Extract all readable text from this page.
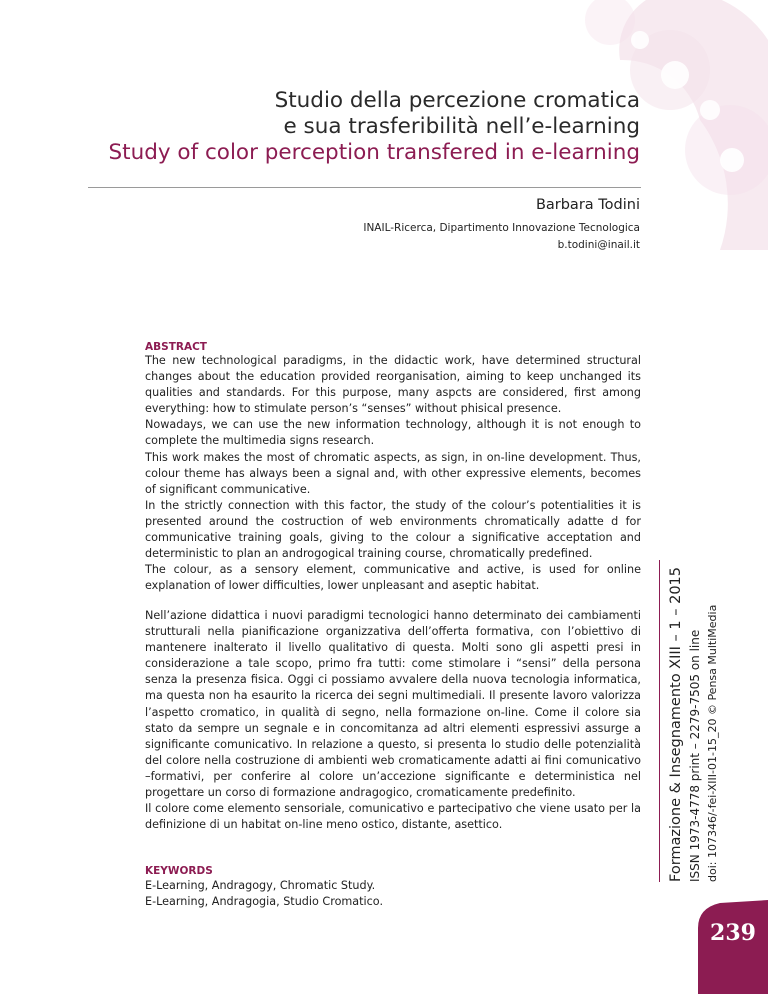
Studio della percezione cromatica
e sua trasferibilità nell’e-learning
Study of color perception transfered in e-learning
Barbara Todini
INAIL-Ricerca, Dipartimento Innovazione Tecnologica
b.todini@inail.it
ABSTRACT

The new technological paradigms, in the didactic work, have determined structural changes about the education provided reorganisation, aiming to keep unchanged its qualities and standards. For this purpose, many aspcts are considered, first among everything: how to stimulate person’s “senses” without phisical presence.

Nowadays, we can use the new information technology, although it is not enough to complete the multimedia signs research.

This work makes the most of chromatic aspects, as sign, in on-line development. Thus, colour theme has always been a signal and, with other expressive elements, becomes of significant communicative.

In the strictly connection with this factor, the study of the colour’s potentialities it is presented around the costruction of web environments chromatically adatte d for communicative training goals, giving to the colour a significative acceptation and deterministic to plan an androgogical training course, chromatically predefined.

The colour, as a sensory element, communicative and active, is used for online explanation of lower difficulties, lower unpleasant and aseptic habitat.

Nell’azione didattica i nuovi paradigmi tecnologici hanno determinato dei cambiamenti strutturali nella pianificazione organizzativa dell’offerta formativa, con l’obiettivo di mantenere inalterato il livello qualitativo di questa. Molti sono gli aspetti presi in considerazione a tale scopo, primo fra tutti: come stimolare i “sensi” della persona senza la presenza fisica. Oggi ci possiamo avvalere della nuova tecnologia informatica, ma questa non ha esaurito la ricerca dei segni multimediali. Il presente lavoro valorizza l’aspetto cromatico, in qualità di segno, nella formazione on-line. Come il colore sia stato da sempre un segnale e in concomitanza ad altri elementi espressivi assurge a significante comunicativo. In relazione a questo, si presenta lo studio delle potenzialità del colore nella costruzione di ambienti web cromaticamente adatti ai fini comunicativo –formativi, per conferire al colore un’accezione significante e deterministica nel progettare un corso di formazione andragogico, cromaticamente predefinito.

Il colore come elemento sensoriale, comunicativo e partecipativo che viene usato per la definizione di un habitat on-line meno ostico, distante, asettico.

KEYWORDS
E-Learning, Andragogy, Chromatic Study.
E-Learning, Andragogia, Studio Cromatico.
Formazione & Insegnamento XIII – 1 – 2015 ISSN 1973-4778 print – 2279-7505 on line doi: 107346/-fei-XIII-01-15_20 © Pensa MultiMedia
239
